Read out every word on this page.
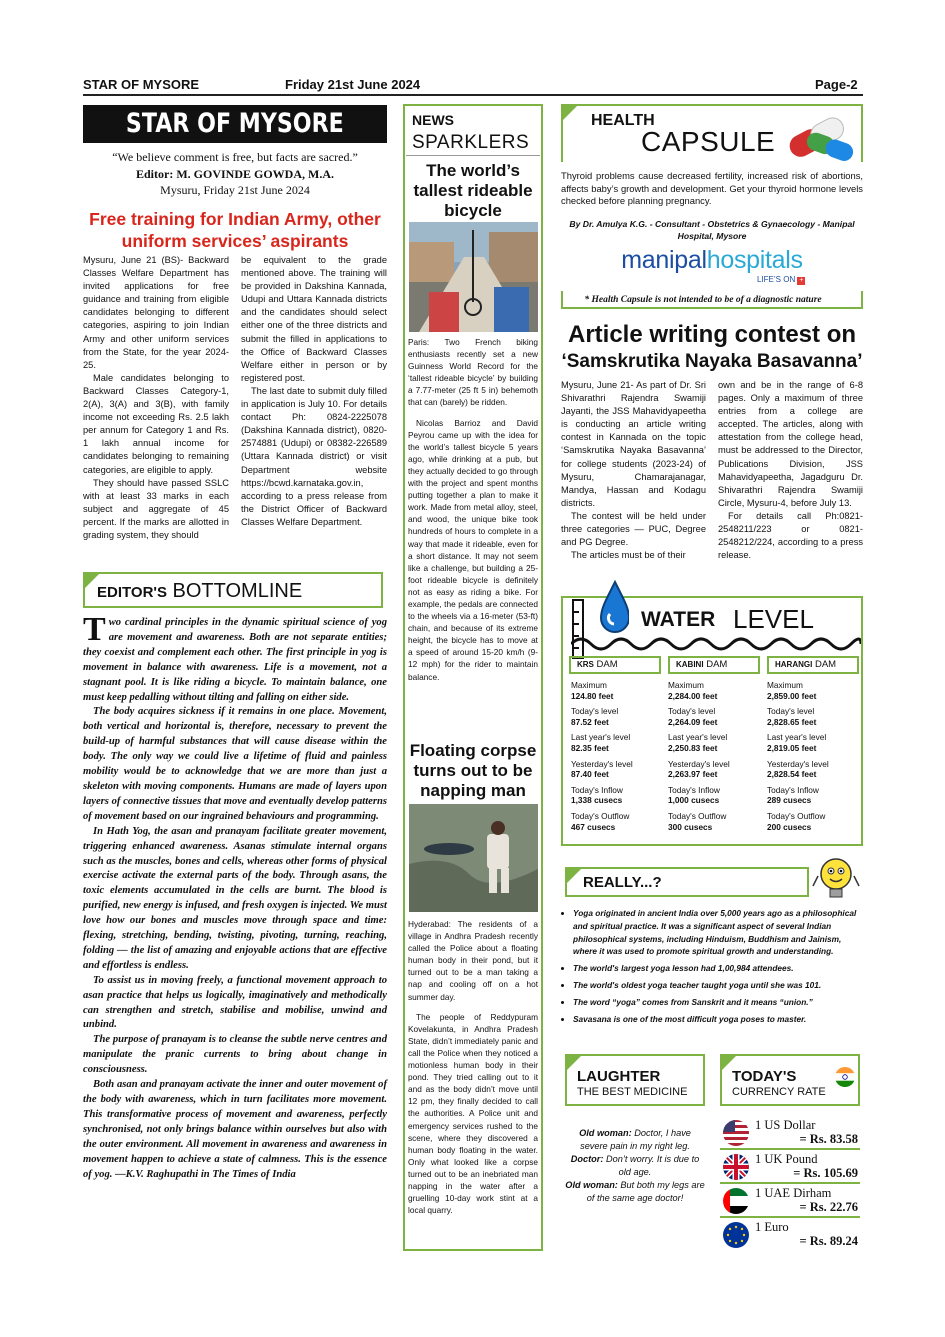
STAR OF MYSORE	Friday 21st June 2024	Page-2
STAR OF MYSORE
“We believe comment is free, but facts are sacred.”
Editor: M. GOVINDE GOWDA, M.A.
Mysuru, Friday 21st June 2024
Free training for Indian Army, other uniform services’ aspirants

Mysuru, June 21 (BS)- Backward Classes Welfare Department has invited applications for free guidance and training from eligible candidates belonging to different categories, aspiring to join Indian Army and other uniform services from the State, for the year 2024-25.

Male candidates belonging to Backward Classes Category-1, 2(A), 3(A) and 3(B), with family income not exceeding Rs. 2.5 lakh per annum for Category 1 and Rs. 1 lakh annual income for candidates belonging to remaining categories, are eligible to apply.

They should have passed SSLC with at least 33 marks in each subject and aggregate of 45 percent. If the marks are allotted in grading system, they should

be equivalent to the grade mentioned above. The training will be provided in Dakshina Kannada, Udupi and Uttara Kannada districts and the candidates should select either one of the three districts and submit the filled in applications to the Office of Backward Classes Welfare either in person or by registered post.

The last date to submit duly filled in application is July 10. For details contact Ph: 0824-2225078 (Dakshina Kannada district), 0820-2574881 (Udupi) or 08382-226589 (Uttara Kannada district) or visit Department website https://bcwd.karnataka.gov.in, according to a press release from the District Officer of Backward Classes Welfare Department.

EDITOR'S BOTTOMLINE

Two cardinal principles in the dynamic spiritual science of yog are movement and awareness. Both are not separate entities; they coexist and complement each other. The first principle in yog is movement in balance with awareness. Life is a movement, not a stagnant pool. It is like riding a bicycle. To maintain balance, one must keep pedalling without tilting and falling on either side.

The body acquires sickness if it remains in one place. Movement, both vertical and horizontal is, therefore, necessary to prevent the build-up of harmful substances that will cause disease within the body. The only way we could live a lifetime of fluid and painless mobility would be to acknowledge that we are more than just a skeleton with moving components. Humans are made of layers upon layers of connective tissues that move and eventually develop patterns of movement based on our ingrained behaviours and programming.

In Hath Yog, the asan and pranayam facilitate greater movement, triggering enhanced awareness. Asanas stimulate internal organs such as the muscles, bones and cells, whereas other forms of physical exercise activate the external parts of the body. Through asans, the toxic elements accumulated in the cells are burnt. The blood is purified, new energy is infused, and fresh oxygen is injected. We must love how our bones and muscles move through space and time: flexing, stretching, bending, twisting, pivoting, turning, reaching, folding — the list of amazing and enjoyable actions that are effective and effortless is endless.

To assist us in moving freely, a functional movement approach to asan practice that helps us logically, imaginatively and methodically can strengthen and stretch, stabilise and mobilise, unwind and unbind.

The purpose of pranayam is to cleanse the subtle nerve centres and manipulate the pranic currents to bring about change in consciousness.

Both asan and pranayam activate the inner and outer movement of the body with awareness, which in turn facilitates more movement. This transformative process of movement and awareness, perfectly synchronised, not only brings balance within ourselves but also with the outer environment. All movement in awareness and awareness in movement happen to achieve a state of calmness. This is the essence of yog. —K.V. Raghupathi in The Times of India

NEWS
SPARKLERS
The world’s tallest rideable bicycle

Paris: Two French biking enthusiasts recently set a new Guinness World Record for the ‘tallest rideable bicycle’ by building a 7.77-meter (25 ft 5 in) behemoth that can (barely) be ridden.

Nicolas Barrioz and David Peyrou came up with the idea for the world’s tallest bicycle 5 years ago, while drinking at a pub, but they actually decided to go through with the project and spent months putting together a plan to make it work. Made from metal alloy, steel, and wood, the unique bike took hundreds of hours to complete in a way that made it rideable, even for a short distance. It may not seem like a challenge, but building a 25-foot rideable bicycle is definitely not as easy as riding a bike. For example, the pedals are connected to the wheels via a 16-meter (53-ft) chain, and because of its extreme height, the bicycle has to move at a speed of around 15-20 km/h (9-12 mph) for the rider to maintain balance.

Floating corpse turns out to be napping man

Hyderabad: The residents of a village in Andhra Pradesh recently called the Police about a floating human body in their pond, but it turned out to be a man taking a nap and cooling off on a hot summer day.

The people of Reddypuram Kovelakunta, in Andhra Pradesh State, didn’t immediately panic and call the Police when they noticed a motionless human body in their pond. They tried calling out to it and as the body didn’t move until 12 pm, they finally decided to call the authorities. A Police unit and emergency services rushed to the scene, where they discovered a human body floating in the water. Only what looked like a corpse turned out to be an inebriated man napping in the water after a gruelling 10-day work stint at a local quarry.

HEALTH
CAPSULE
Thyroid problems cause decreased fertility, increased risk of abortions, affects baby’s growth and development. Get your thyroid hormone levels checked before planning pregnancy.
By Dr. Amulya K.G. - Consultant - Obstetrics & Gynaecology - Manipal Hospital, Mysore
manipalhospitals
LIFE’S ON +
* Health Capsule is not intended to be of a diagnostic nature
Article writing contest on
‘Samskrutika Nayaka Basavanna’

Mysuru, June 21- As part of Dr. Sri Shivarathri Rajendra Swamiji Jayanti, the JSS Mahavidyapeetha is conducting an article writing contest in Kannada on the topic ‘Samskrutika Nayaka Basavanna’ for college students (2023-24) of Mysuru, Chamarajanagar, Mandya, Hassan and Kodagu districts.

The contest will be held under three categories — PUC, Degree and PG Degree.

The articles must be of their

own and be in the range of 6-8 pages. Only a maximum of three entries from a college are accepted. The articles, along with attestation from the college head, must be addressed to the Director, Publications Division, JSS Mahavidyapeetha, Jagadguru Dr. Shivarathri Rajendra Swamiji Circle, Mysuru-4, before July 13.

For details call Ph:0821-2548211/223 or 0821-2548212/224, according to a press release.

WATER LEVEL
KRS DAM
Maximum
124.80 feet
Today's level
87.52 feet
Last year's level
82.35 feet
Yesterday's level
87.40 feet
Today's Inflow
1,338 cusecs
Today's Outflow
467 cusecs
KABINI DAM
Maximum
2,284.00 feet
Today's level
2,264.09 feet
Last year's level
2,250.83 feet
Yesterday's level
2,263.97 feet
Today's Inflow
1,000 cusecs
Today's Outflow
300 cusecs
HARANGI DAM
Maximum
2,859.00 feet
Today's level
2,828.65 feet
Last year's level
2,819.05 feet
Yesterday's level
2,828.54 feet
Today's Inflow
289 cusecs
Today's Outflow
200 cusecs
REALLY...?
• Yoga originated in ancient India over 5,000 years ago as a philosophical and spiritual practice. It was a significant aspect of several Indian philosophical systems, including Hinduism, Buddhism and Jainism, where it was used to promote spiritual growth and understanding.
• The world's largest yoga lesson had 1,00,984 attendees.
• The world's oldest yoga teacher taught yoga until she was 101.
• The word “yoga” comes from Sanskrit and it means “union.”
• Savasana is one of the most difficult yoga poses to master.
LAUGHTER
THE BEST MEDICINE
Old woman: Doctor, I have severe pain in my right leg.
Doctor: Don’t worry. It is due to old age.
Old woman: But both my legs are of the same age doctor!
TODAY'S
CURRENCY RATE
1 US Dollar
= Rs. 83.58
1 UK Pound
= Rs. 105.69
1 UAE Dirham
= Rs. 22.76
1 Euro
= Rs. 89.24
